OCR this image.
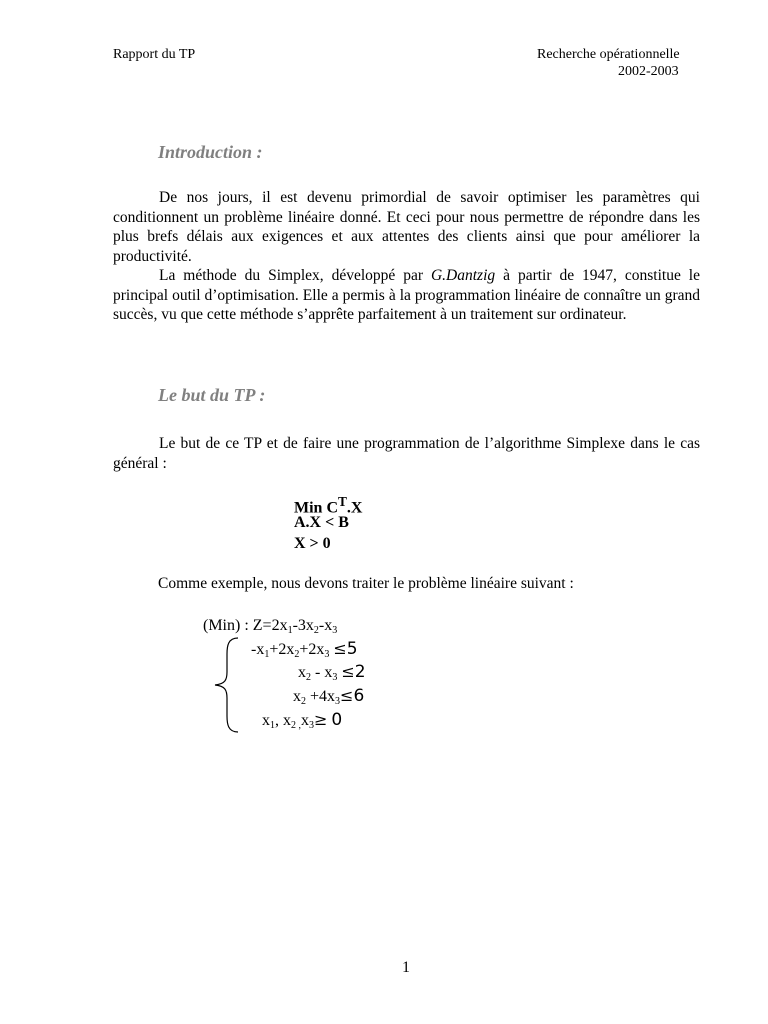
Rapport du TP	Recherche opérationnelle
2002-2003
Introduction :

De nos jours, il est devenu primordial de savoir optimiser les paramètres qui conditionnent un problème linéaire donné. Et ceci pour nous permettre de répondre dans les plus brefs délais aux exigences et aux attentes des clients ainsi que pour améliorer la productivité.

La méthode du Simplex, développé par G.Dantzig à partir de 1947, constitue le principal outil d’optimisation. Elle a permis à la programmation linéaire de connaître un grand succès, vu que cette méthode s’apprête parfaitement à un traitement sur ordinateur.

Le but du TP :

Le but de ce TP et de faire une programmation de l’algorithme Simplexe dans le cas général :

Min $C^T.X$
A.X < B
X > 0
Comme exemple, nous devons traiter le problème linéaire suivant :
(Min) : $Z=2x_1-3x_2-x_3$
$-x_1+2x_2+2x_3 \le 5$
$x_2 - x_3 \le 2$
$x_2 +4x_3\le 6$
$x_1$, $x_{2 ,}x_3\ge 0$
1
